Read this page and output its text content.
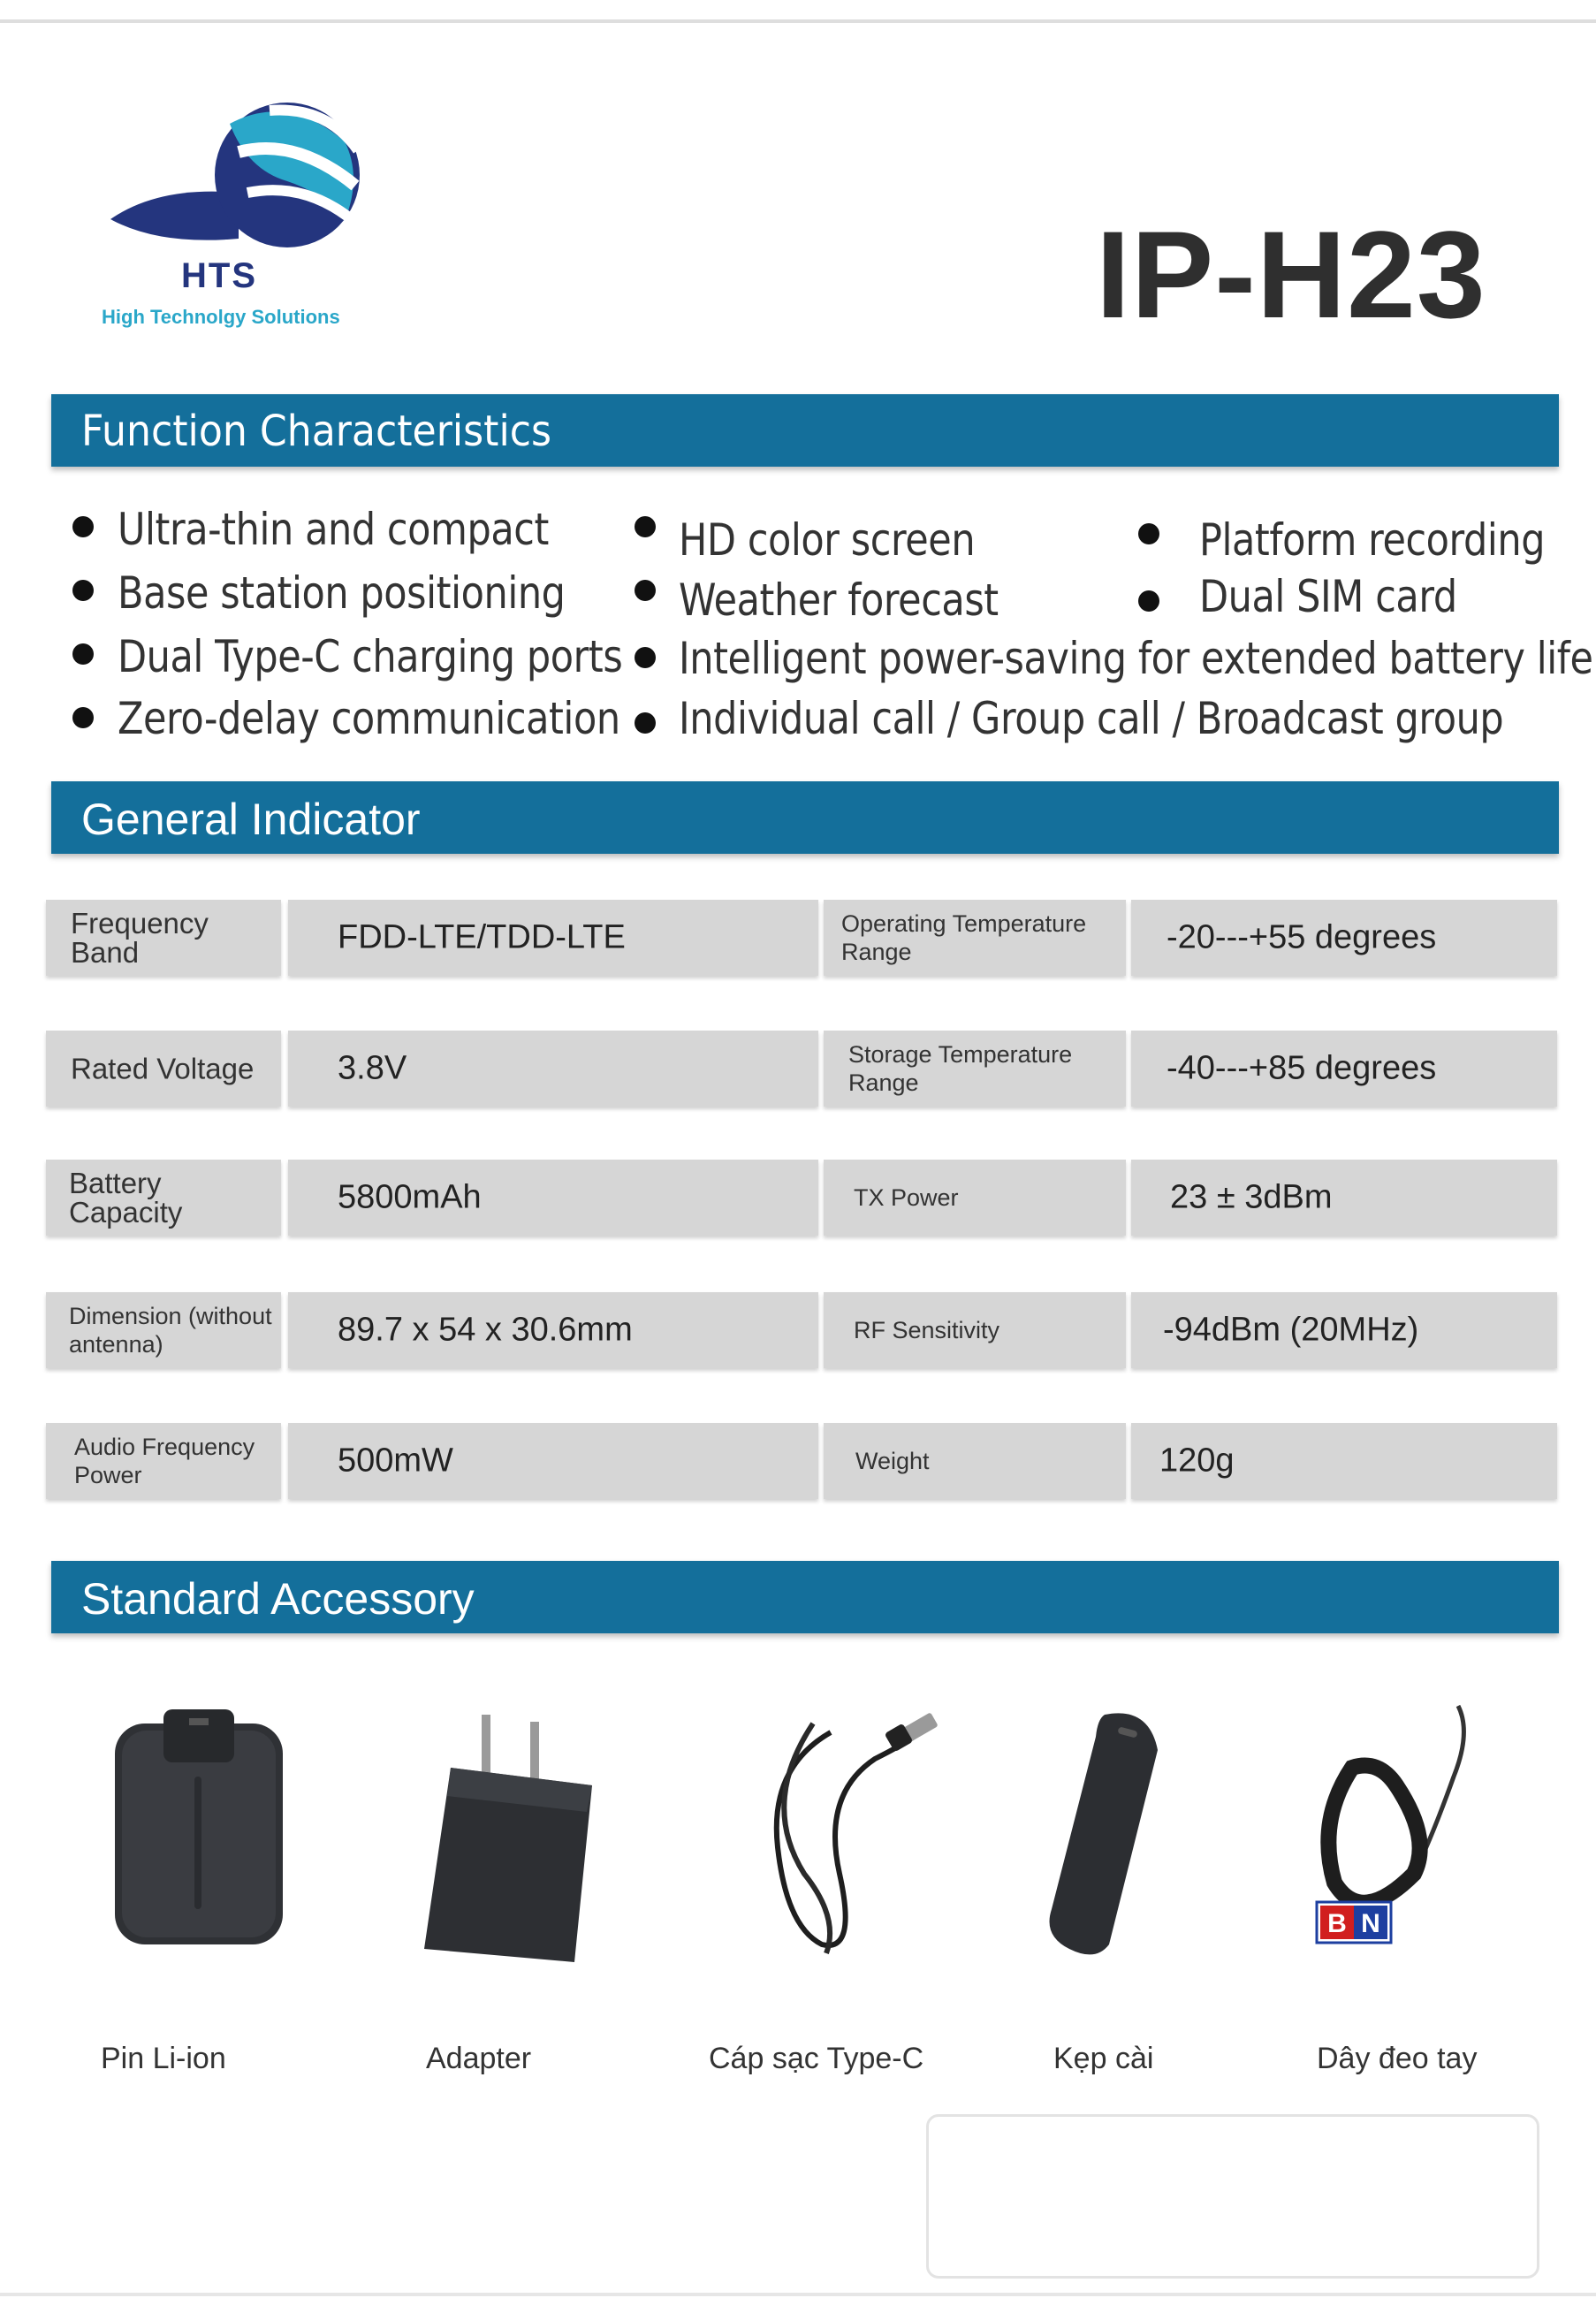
HTS
High Technolgy Solutions	IP-H23
Function Characteristics
Ultra-thin and compact
Base station positioning
Dual Type-C charging ports
Zero-delay communication
HD color screen
Weather forecast
Intelligent power-saving for extended battery life
Individual call / Group call / Broadcast group
Platform recording
Dual SIM card
General Indicator
Frequency Band	FDD-LTE/TDD-LTE	Operating Temperature Range	-20---+55 degrees
Rated Voltage 3.8V	Storage Temperature Range	-40---+85 degrees
Battery Capacity	5800mAh	TX Power	23 ± 3dBm
Dimension (without antenna)	89.7 x 54 x 30.6mm	RF Sensitivity	-94dBm (20MHz)
Audio Frequency Power	500mW	Weight	120g
Standard Accessory
B N
Pin Li-ion	Adapter	Cáp sạc Type-C	Kẹp cài	Dây đeo tay
